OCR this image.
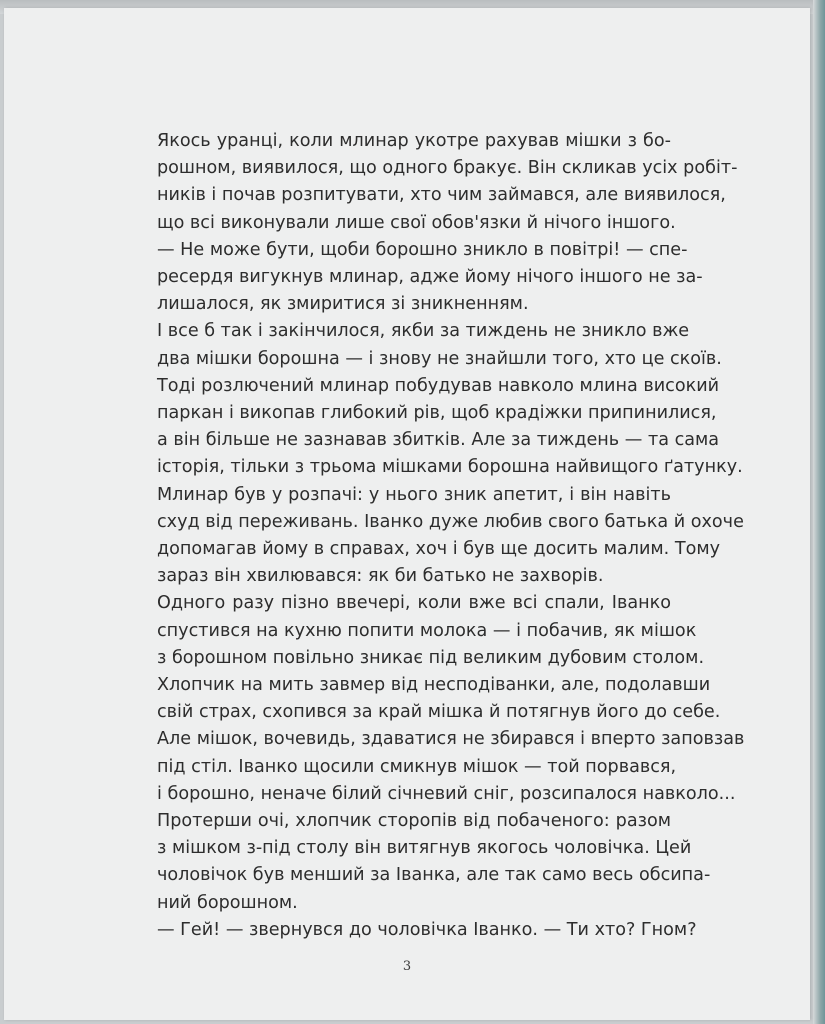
Якось уранці, коли млинар укотре рахував мішки з бо-
рошном, виявилося, що одного бракує. Він скликав усіх робіт-
ників і почав розпитувати, хто чим займався, але виявилося,
що всі виконували лише свої обов'язки й нічого іншого.

— Не може бути, щоби борошно зникло в повітрі! — спе-
ресердя вигукнув млинар, адже йому нічого іншого не за-
лишалося, як змиритися зі зникненням.

І все б так і закінчилося, якби за тиждень не зникло вже
два мішки борошна — і знову не знайшли того, хто це скоїв.
Тоді розлючений млинар побудував навколо млина високий
паркан і викопав глибокий рів, щоб крадіжки припинилися,
а він більше не зазнавав збитків. Але за тиждень — та сама
історія, тільки з трьома мішками борошна найвищого ґатунку.

Млинар був у розпачі: у нього зник апетит, і він навіть
схуд від переживань. Іванко дуже любив свого батька й охоче
допомагав йому в справах, хоч і був ще досить малим. Тому
зараз він хвилювався: як би батько не захворів.

Одного разу пізно ввечері, коли вже всі спали, Іванко
спустився на кухню попити молока — і побачив, як мішок
з борошном повільно зникає під великим дубовим столом.
Хлопчик на мить завмер від несподіванки, але, подолавши
свій страх, схопився за край мішка й потягнув його до себе.
Але мішок, вочевидь, здаватися не збирався і вперто заповзав
під стіл. Іванко щосили смикнув мішок — той порвався,
і борошно, неначе білий січневий сніг, розсипалося навколо...

Протерши очі, хлопчик сторопів від побаченого: разом
з мішком з-під столу він витягнув якогось чоловічка. Цей
чоловічок був менший за Іванка, але так само весь обсипа-
ний борошном.

— Гей! — звернувся до чоловічка Іванко. — Ти хто? Гном?

3
